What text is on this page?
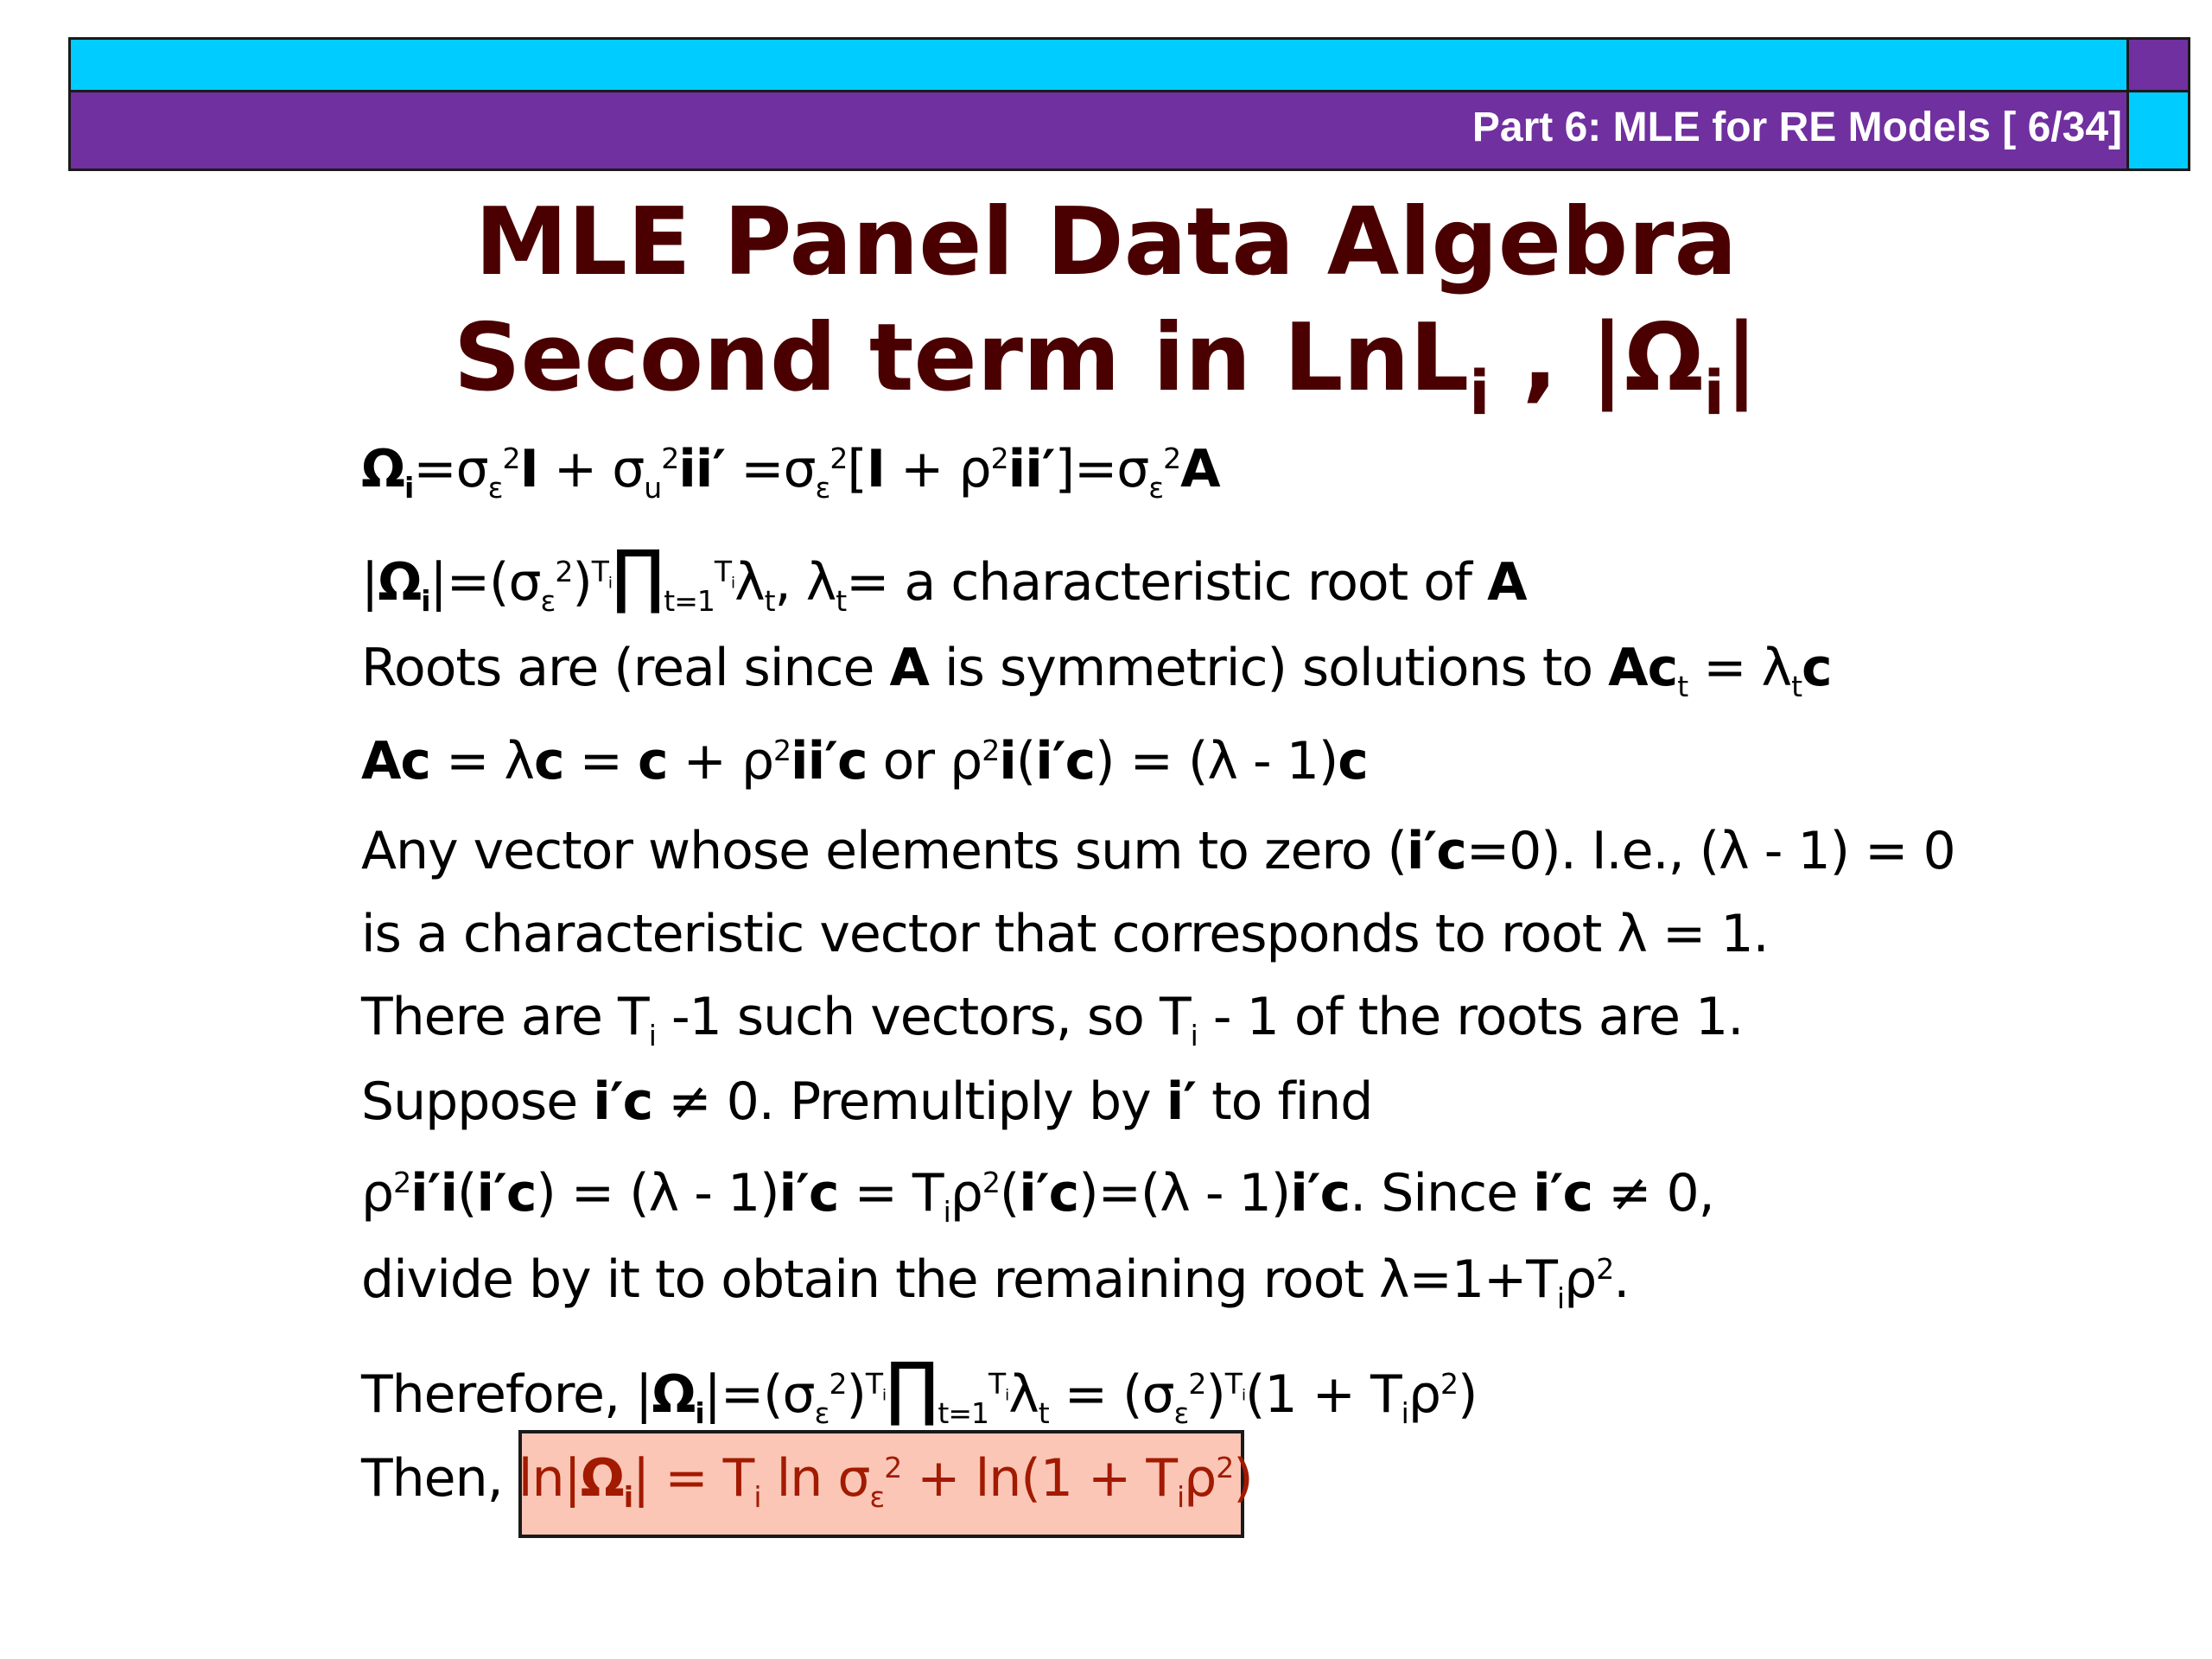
Part 6: MLE for RE Models [ 6/34]
MLE Panel Data Algebra
Second term in LnL$_i$ , $|\Omega_i|$
$\Omega_i=\sigma_\varepsilon^2I + \sigma_u^2ii' =\sigma_\varepsilon^2[I + \rho^2ii']=\sigma_\varepsilon^2A$
$|\Omega_i|=(\sigma_\varepsilon^2)^{T_i}\prod_{t=1}^{T_i}\lambda_t$, $\lambda_t= a$ characteristic root of A
Roots are (real since A is symmetric) solutions to $Ac_t = \lambda_tc$
$Ac = \lambda c = c + \rho^2ii'c$ or $\rho^2i(i'c) = (\lambda - 1)c$
Any vector whose elements sum to zero (i′c=0). I.e., (λ - 1) = 0
is a characteristic vector that corresponds to root λ = 1.
There are $T_i$ -1 such vectors, so $T_i - 1$ of the roots are 1.
Suppose i′c ≠ 0. Premultiply by i′ to find
$\rho^2i'i(i'c) = (\lambda - 1)i'c = T_i\rho^2(i'c)=(\lambda - 1)i'c$. Since i′c ≠ 0,
divide by it to obtain the remaining root $\lambda=1+T_i\rho^2$.
Therefore, $|\Omega_i|=(\sigma_\varepsilon^2)^{T_i}\prod_{t=1}^{T_i}\lambda_t = (\sigma_\varepsilon^2)^{T_i}(1 + T_i\rho^2)$
Then, $\ln|\Omega_i| = T_i$ $\ln \sigma_\varepsilon^2 + \ln(1 + T_i\rho^2)$
